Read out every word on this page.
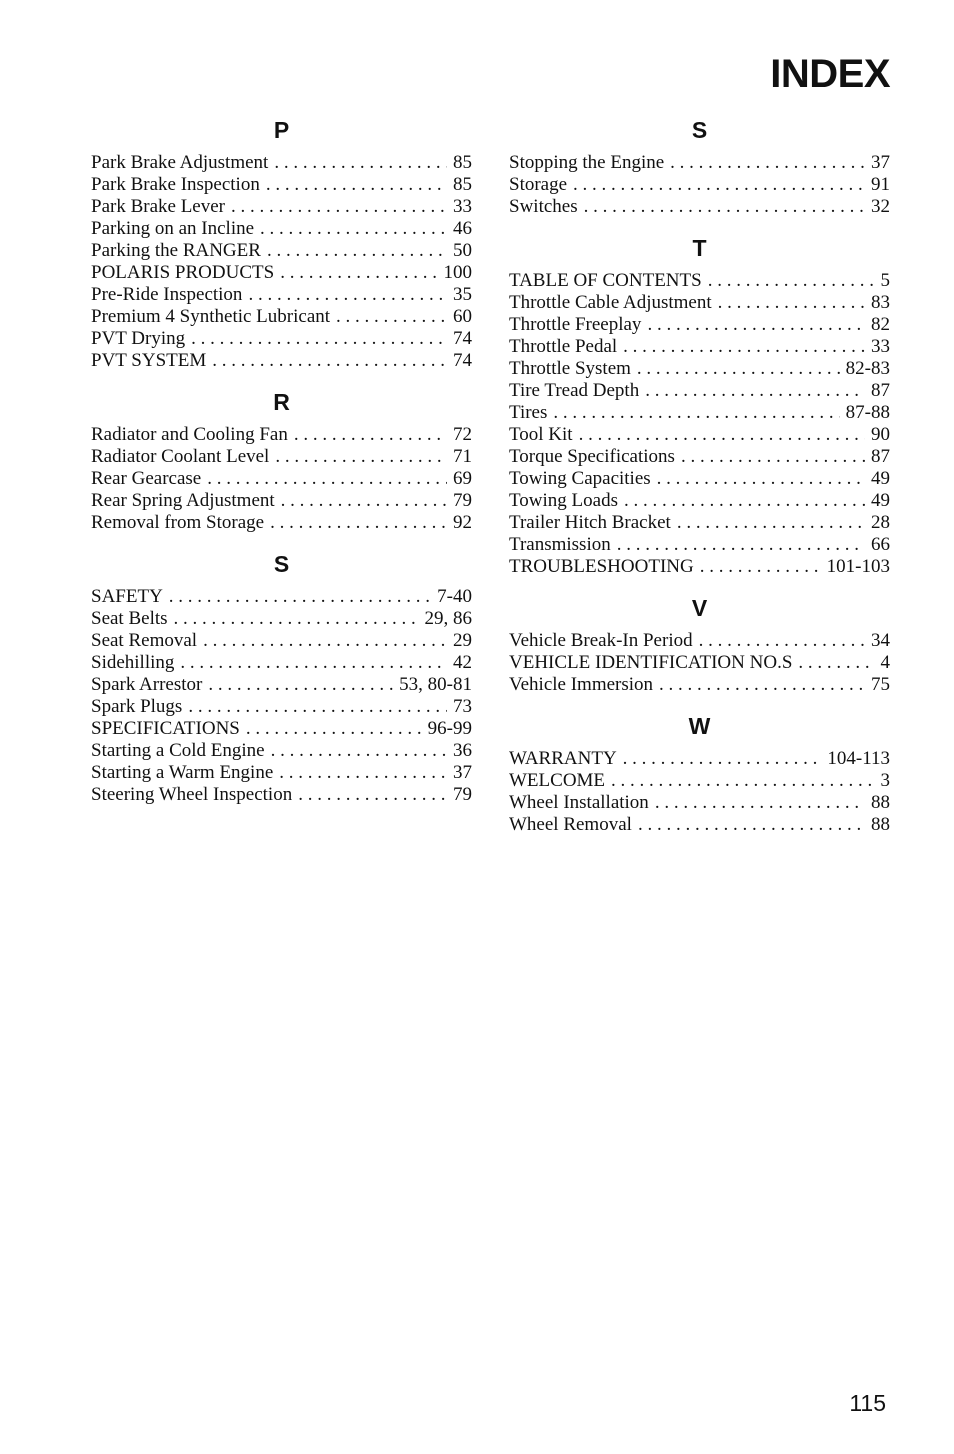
INDEX
P
Park Brake Adjustment . . .	85
Park Brake Inspection . . .	85
Park Brake Lever . . .	33
Parking on an Incline . . .	46
Parking the RANGER . . .	50
POLARIS PRODUCTS . . .	100
Pre-Ride Inspection . . .	35
Premium 4 Synthetic Lubricant . . .	60
PVT Drying . . .	74
PVT SYSTEM . . .	74
R
Radiator and Cooling Fan . . .	72
Radiator Coolant Level . . .	71
Rear Gearcase . . .	69
Rear Spring Adjustment . . .	79
Removal from Storage . . .	92
S
SAFETY . . .	7-40
Seat Belts . . .	29, 86
Seat Removal . . .	29
Sidehilling . . .	42
Spark Arrestor . . .	53, 80-81
Spark Plugs . . .	73
SPECIFICATIONS . . .	96-99
Starting a Cold Engine . . .	36
Starting a Warm Engine . . .	37
Steering Wheel Inspection . . .	79
S
Stopping the Engine . . .	37
Storage . . .	91
Switches . . .	32
T
TABLE OF CONTENTS . . .	5
Throttle Cable Adjustment . . .	83
Throttle Freeplay . . .	82
Throttle Pedal . . .	33
Throttle System . . .	82-83
Tire Tread Depth . . .	87
Tires . . .	87-88
Tool Kit . . .	90
Torque Specifications . . .	87
Towing Capacities . . .	49
Towing Loads . . .	49
Trailer Hitch Bracket . . .	28
Transmission . . .	66
TROUBLESHOOTING . . .	101-103
V
Vehicle Break-In Period . . .	34
VEHICLE IDENTIFICATION NO.S . . .	4
Vehicle Immersion . . .	75
W
WARRANTY . . .	104-113
WELCOME . . .	3
Wheel Installation . . .	88
Wheel Removal . . .	88
115
